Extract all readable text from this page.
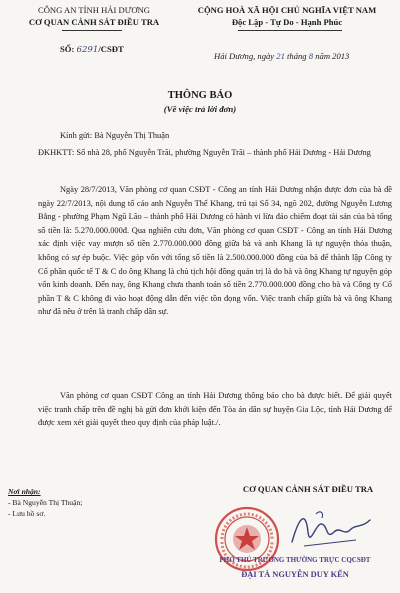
CÔNG AN TỈNH HẢI DƯƠNG
CƠ QUAN CẢNH SÁT ĐIỀU TRA
CỘNG HOÀ XÃ HỘI CHỦ NGHĨA VIỆT NAM
Độc Lập - Tự Do - Hạnh Phúc
SỐ: 6291/CSĐT
Hải Dương, ngày 21 tháng 8 năm 2013
THÔNG BÁO
(Về việc trả lời đơn)
Kính gửi: Bà Nguyễn Thị Thuận
ĐKHKTT: Số nhà 28, phố Nguyễn Trãi, phường Nguyễn Trãi – thành phố Hải Dương - Hải Dương
Ngày 28/7/2013, Văn phòng cơ quan CSĐT - Công an tỉnh Hải Dương nhận được đơn của bà đề ngày 22/7/2013, nội dung tố cáo anh Nguyễn Thế Khang, trú tại Số 34, ngõ 202, đường Nguyễn Lương Bằng - phường Phạm Ngũ Lão – thành phố Hải Dương có hành vi lừa đảo chiếm đoạt tài sản của bà tổng số tiền là: 5.270.000.000đ. Qua nghiên cứu đơn, Văn phòng cơ quan CSĐT - Công an tỉnh Hải Dương xác định việc vay mượn số tiền 2.770.000.000 đồng giữa bà và anh Khang là tự nguyện thỏa thuận, không có sự ép buộc. Việc góp vốn với tổng số tiền là 2.500.000.000 đồng của bà để thành lập Công ty Cổ phần quốc tế T & C do ông Khang là chủ tịch hội đồng quản trị là do bà và ông Khang tự nguyện góp vốn kinh doanh. Đến nay, ông Khang chưa thanh toán số tiền 2.770.000.000 đồng cho bà và Công ty Cổ phần T & C không đi vào hoạt động dẫn đến việc tồn đọng vốn. Việc tranh chấp giữa bà và ông Khang như đã nêu ở trên là tranh chấp dân sự.
Văn phòng cơ quan CSĐT Công an tỉnh Hải Dương thông báo cho bà được biết. Để giải quyết việc tranh chấp trên đề nghị bà gửi đơn khởi kiện đến Tòa án dân sự huyện Gia Lộc, tỉnh Hải Dương để được xem xét giải quyết theo quy định của pháp luật./.
Nơi nhận:
- Bà Nguyễn Thị Thuận;
- Lưu hồ sơ.
CƠ QUAN CẢNH SÁT ĐIỀU TRA
PHÓ THỦ TRƯỞNG THƯỜNG TRỰC CQCSĐT
ĐẠI TÁ NGUYỄN DUY KẾN
